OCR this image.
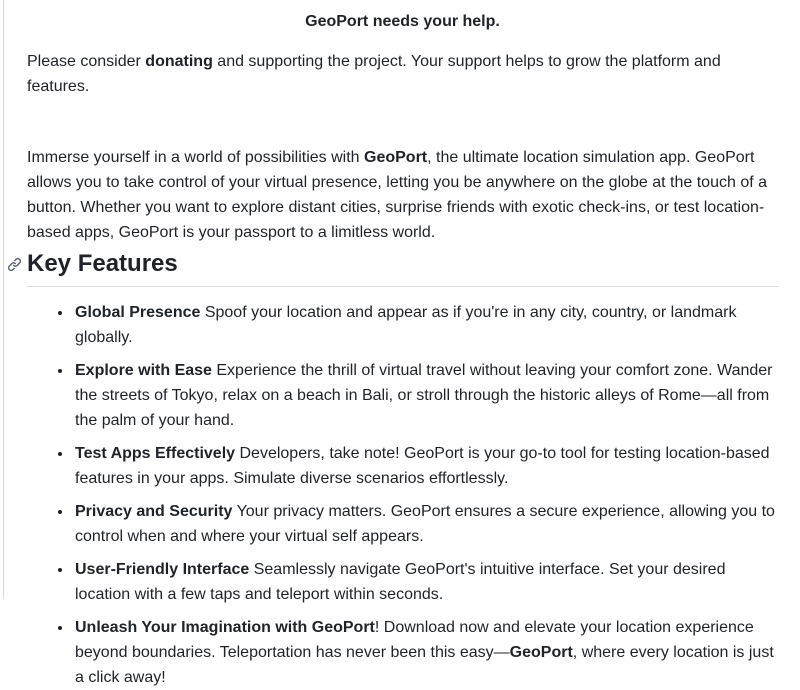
GeoPort needs your help.

Please consider donating and supporting the project. Your support helps to grow the platform and features.

Immerse yourself in a world of possibilities with GeoPort, the ultimate location simulation app. GeoPort allows you to take control of your virtual presence, letting you be anywhere on the globe at the touch of a button. Whether you want to explore distant cities, surprise friends with exotic check-ins, or test location-based apps, GeoPort is your passport to a limitless world.

Key Features
• Global Presence Spoof your location and appear as if you're in any city, country, or landmark globally.
• Explore with Ease Experience the thrill of virtual travel without leaving your comfort zone. Wander the streets of Tokyo, relax on a beach in Bali, or stroll through the historic alleys of Rome—all from the palm of your hand.
• Test Apps Effectively Developers, take note! GeoPort is your go-to tool for testing location-based features in your apps. Simulate diverse scenarios effortlessly.
• Privacy and Security Your privacy matters. GeoPort ensures a secure experience, allowing you to control when and where your virtual self appears.
• User-Friendly Interface Seamlessly navigate GeoPort's intuitive interface. Set your desired location with a few taps and teleport within seconds.
• Unleash Your Imagination with GeoPort! Download now and elevate your location experience beyond boundaries. Teleportation has never been this easy—GeoPort, where every location is just a click away!
